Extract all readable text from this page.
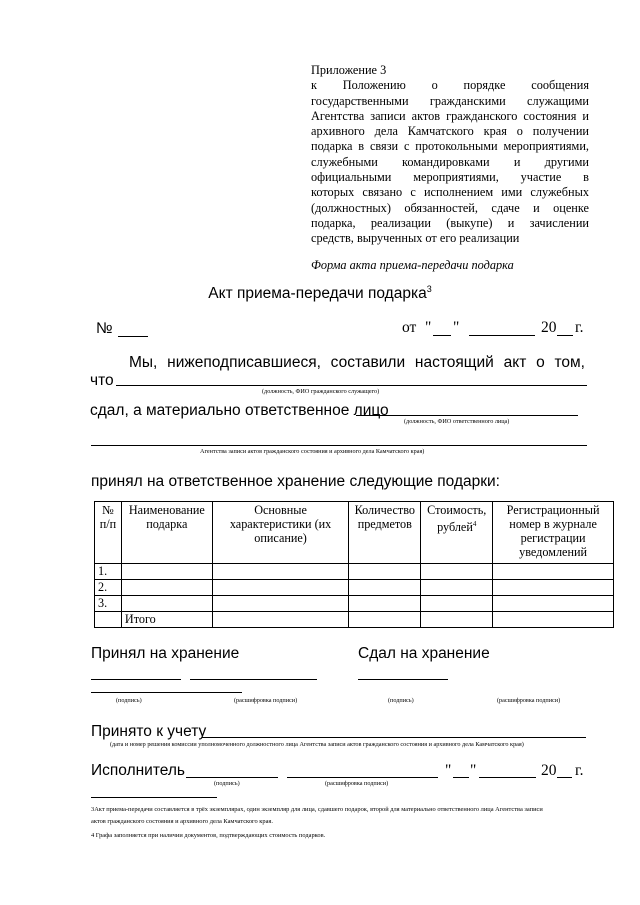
Приложение 3
к Положению о порядке сообщения
государственными гражданскими служащими
Агентства записи актов гражданского состояния и
архивного дела Камчатского края о получении
подарка в связи с протокольными мероприятиями,
служебными командировками и другими
официальными мероприятиями, участие в
которых связано с исполнением ими служебных
(должностных) обязанностей, сдаче и оценке
подарка, реализации (выкупе) и зачислении
средств, вырученных от его реализации
Форма акта приема-передачи подарка
Акт приема-передачи подарка$^3$
№	от " "	20 г.
Мы, нижеподписавшиеся, составили настоящий акт о том,
что
(должность, ФИО гражданского служащего)
сдал, а материально ответственное лицо
(должность, ФИО ответственного лица)
Агентства записи актов гражданского состояния и архивного дела Камчатского края)
принял на ответственное хранение следующие подарки:
№ п/п	Наименование подарка	Основные характеристики (их описание)	Количество предметов	Стоимость, рублей$^4$	Регистрационный номер в журнале регистрации уведомлений
1.					
2.					
3.					
	Итого				
Принял на хранение	Сдал на хранение
(подпись)	(расшифровка подписи)	(подпись)	(расшифровка подписи)
Принято к учету
(дата и номер решения комиссии уполномоченного должностного лица Агентства записи актов гражданского состояния и архивного дела Камчатского края)
Исполнитель	" "	20 г.
(подпись)	(расшифровка подписи)
3Акт приема-передачи составляется в трёх экземплярах, один экземпляр для лица, сдавшего подарок, второй для материально ответственного лица Агентства записи
актов гражданского состояния и архивного дела Камчатского края.
4 Графа заполняется при наличии документов, подтверждающих стоимость подарков.
